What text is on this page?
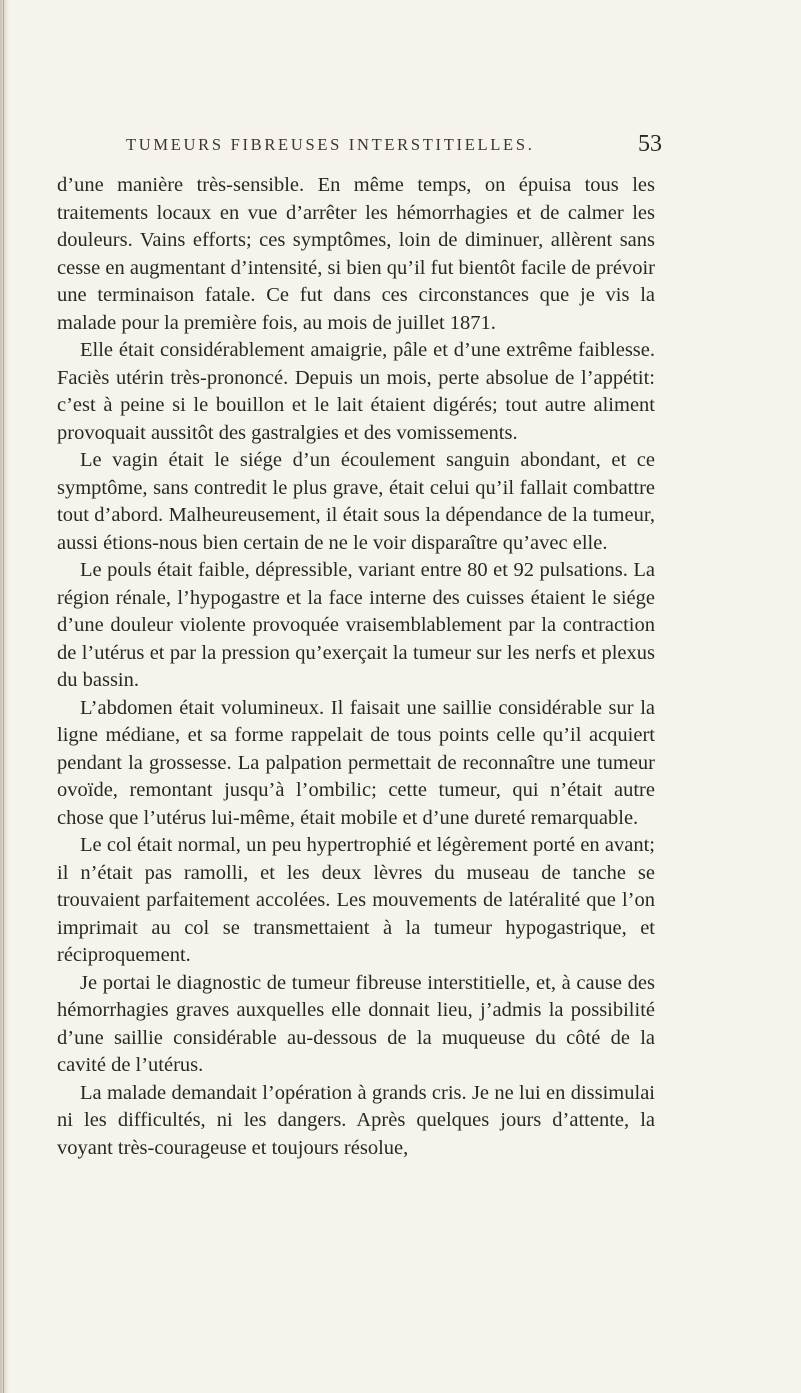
TUMEURS FIBREUSES INTERSTITIELLES.	53

d’une manière très-sensible. En même temps, on épuisa tous les traitements locaux en vue d’arrêter les hémorrhagies et de calmer les douleurs. Vains efforts; ces symptômes, loin de diminuer, allèrent sans cesse en augmentant d’intensité, si bien qu’il fut bientôt facile de prévoir une terminaison fatale. Ce fut dans ces circonstances que je vis la malade pour la première fois, au mois de juillet 1871.

Elle était considérablement amaigrie, pâle et d’une extrême faiblesse. Faciès utérin très-prononcé. Depuis un mois, perte absolue de l’appétit: c’est à peine si le bouillon et le lait étaient digérés; tout autre aliment provoquait aussitôt des gastralgies et des vomissements.

Le vagin était le siége d’un écoulement sanguin abondant, et ce symptôme, sans contredit le plus grave, était celui qu’il fallait combattre tout d’abord. Malheureusement, il était sous la dépendance de la tumeur, aussi étions-nous bien certain de ne le voir disparaître qu’avec elle.

Le pouls était faible, dépressible, variant entre 80 et 92 pulsations. La région rénale, l’hypogastre et la face interne des cuisses étaient le siége d’une douleur violente provoquée vraisemblablement par la contraction de l’utérus et par la pression qu’exerçait la tumeur sur les nerfs et plexus du bassin.

L’abdomen était volumineux. Il faisait une saillie considérable sur la ligne médiane, et sa forme rappelait de tous points celle qu’il acquiert pendant la grossesse. La palpation permettait de reconnaître une tumeur ovoïde, remontant jusqu’à l’ombilic; cette tumeur, qui n’était autre chose que l’utérus lui-même, était mobile et d’une dureté remarquable.

Le col était normal, un peu hypertrophié et légèrement porté en avant; il n’était pas ramolli, et les deux lèvres du museau de tanche se trouvaient parfaitement accolées. Les mouvements de latéralité que l’on imprimait au col se transmettaient à la tumeur hypogastrique, et réciproquement.

Je portai le diagnostic de tumeur fibreuse interstitielle, et, à cause des hémorrhagies graves auxquelles elle donnait lieu, j’admis la possibilité d’une saillie considérable au-dessous de la muqueuse du côté de la cavité de l’utérus.

La malade demandait l’opération à grands cris. Je ne lui en dissimulai ni les difficultés, ni les dangers. Après quelques jours d’attente, la voyant très-courageuse et toujours résolue,
